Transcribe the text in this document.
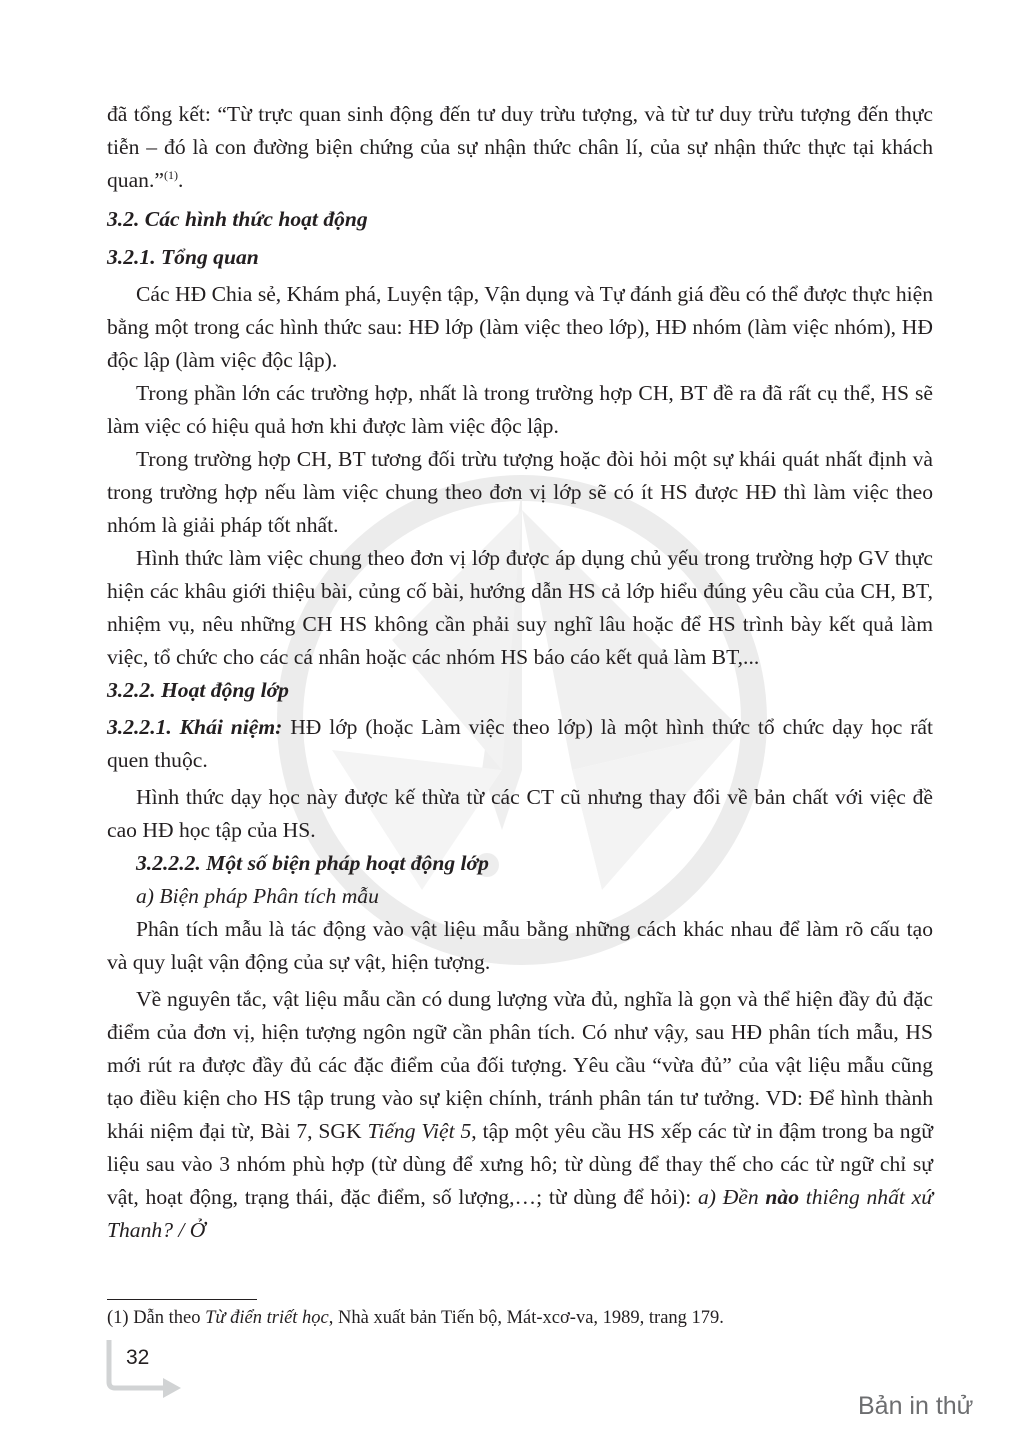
đã tổng kết: “Từ trực quan sinh động đến tư duy trừu tượng, và từ tư duy trừu tượng đến thực tiễn – đó là con đường biện chứng của sự nhận thức chân lí, của sự nhận thức thực tại khách quan.”$^{(1)}$.

3.2. Các hình thức hoạt động

3.2.1. Tổng quan

Các HĐ Chia sẻ, Khám phá, Luyện tập, Vận dụng và Tự đánh giá đều có thể được thực hiện bằng một trong các hình thức sau: HĐ lớp (làm việc theo lớp), HĐ nhóm (làm việc nhóm), HĐ độc lập (làm việc độc lập).

Trong phần lớn các trường hợp, nhất là trong trường hợp CH, BT đề ra đã rất cụ thể, HS sẽ làm việc có hiệu quả hơn khi được làm việc độc lập.

Trong trường hợp CH, BT tương đối trừu tượng hoặc đòi hỏi một sự khái quát nhất định và trong trường hợp nếu làm việc chung theo đơn vị lớp sẽ có ít HS được HĐ thì làm việc theo nhóm là giải pháp tốt nhất.

Hình thức làm việc chung theo đơn vị lớp được áp dụng chủ yếu trong trường hợp GV thực hiện các khâu giới thiệu bài, củng cố bài, hướng dẫn HS cả lớp hiểu đúng yêu cầu của CH, BT, nhiệm vụ, nêu những CH HS không cần phải suy nghĩ lâu hoặc để HS trình bày kết quả làm việc, tổ chức cho các cá nhân hoặc các nhóm HS báo cáo kết quả làm BT,...

3.2.2. Hoạt động lớp

3.2.2.1. Khái niệm: HĐ lớp (hoặc Làm việc theo lớp) là một hình thức tổ chức dạy học rất quen thuộc.

Hình thức dạy học này được kế thừa từ các CT cũ nhưng thay đổi về bản chất với việc đề cao HĐ học tập của HS.

3.2.2.2. Một số biện pháp hoạt động lớp

a) Biện pháp Phân tích mẫu

Phân tích mẫu là tác động vào vật liệu mẫu bằng những cách khác nhau để làm rõ cấu tạo và quy luật vận động của sự vật, hiện tượng.

Về nguyên tắc, vật liệu mẫu cần có dung lượng vừa đủ, nghĩa là gọn và thể hiện đầy đủ đặc điểm của đơn vị, hiện tượng ngôn ngữ cần phân tích. Có như vậy, sau HĐ phân tích mẫu, HS mới rút ra được đầy đủ các đặc điểm của đối tượng. Yêu cầu “vừa đủ” của vật liệu mẫu cũng tạo điều kiện cho HS tập trung vào sự kiện chính, tránh phân tán tư tưởng. VD: Để hình thành khái niệm đại từ, Bài 7, SGK Tiếng Việt 5, tập một yêu cầu HS xếp các từ in đậm trong ba ngữ liệu sau vào 3 nhóm phù hợp (từ dùng để xưng hô; từ dùng để thay thế cho các từ ngữ chỉ sự vật, hoạt động, trạng thái, đặc điểm, số lượng,…; từ dùng để hỏi): a) Đền nào thiêng nhất xứ Thanh? / Ở

(1) Dẫn theo Từ điển triết học, Nhà xuất bản Tiến bộ, Mát-xcơ-va, 1989, trang 179.
32
Bản in thử
